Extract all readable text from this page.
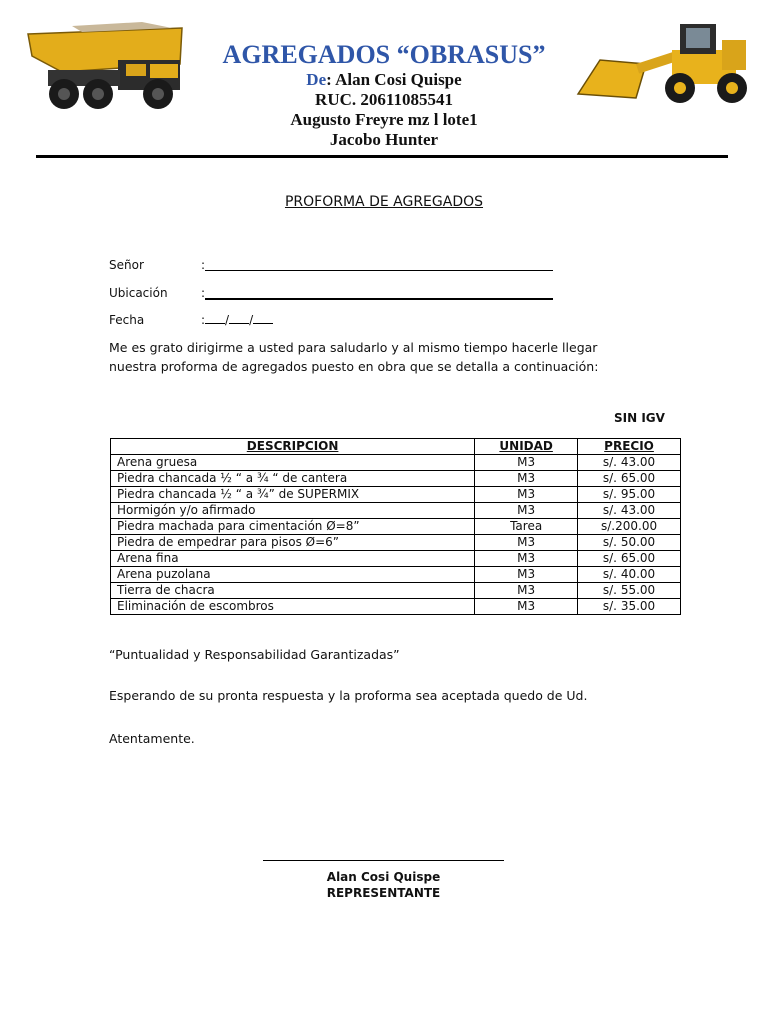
AGREGADOS “OBRASUS”
De: Alan Cosi Quispe
RUC. 20611085541
Augusto Freyre mz l lote1
Jacobo Hunter
PROFORMA DE AGREGADOS
Señor	:
Ubicación	:
Fecha	: / /
Me es grato dirigirme a usted para saludarlo y al mismo tiempo hacerle llegar nuestra proforma de agregados puesto en obra que se detalla a continuación:
SIN IGV
DESCRIPCION	UNIDAD	PRECIO
Arena gruesa	M3	s/. 43.00
Piedra chancada ½ “ a ¾ “ de cantera	M3	s/. 65.00
Piedra chancada ½ “ a ¾” de SUPERMIX	M3	s/. 95.00
Hormigón y/o afirmado	M3	s/. 43.00
Piedra machada para cimentación Ø=8”	Tarea	s/.200.00
Piedra de empedrar para pisos Ø=6”	M3	s/. 50.00
Arena fina	M3	s/. 65.00
Arena puzolana	M3	s/. 40.00
Tierra de chacra	M3	s/. 55.00
Eliminación de escombros	M3	s/. 35.00
“Puntualidad y Responsabilidad Garantizadas”
Esperando de su pronta respuesta y la proforma sea aceptada quedo de Ud.
Atentamente.
Alan Cosi Quispe
REPRESENTANTE
